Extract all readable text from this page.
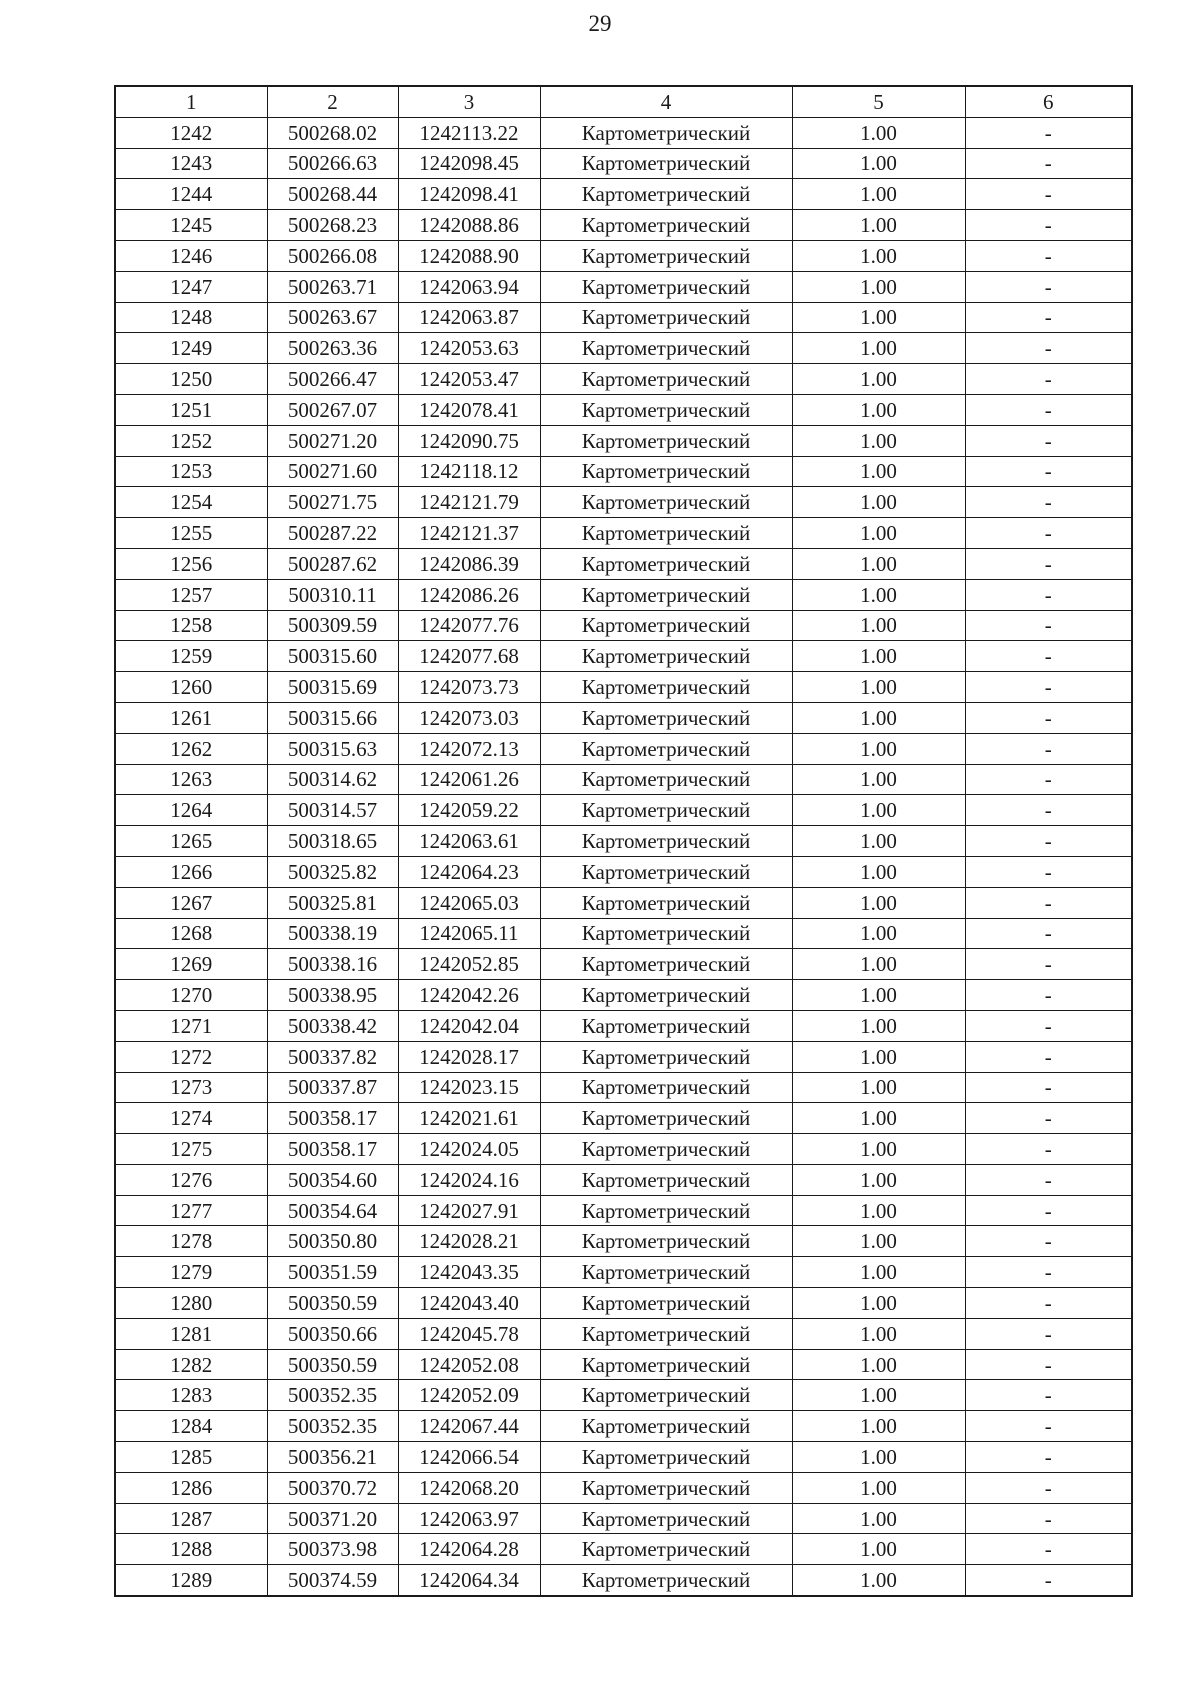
29
1	2	3	4	5	6
1242	500268.02	1242113.22	Картометрический	1.00	-
1243	500266.63	1242098.45	Картометрический	1.00	-
1244	500268.44	1242098.41	Картометрический	1.00	-
1245	500268.23	1242088.86	Картометрический	1.00	-
1246	500266.08	1242088.90	Картометрический	1.00	-
1247	500263.71	1242063.94	Картометрический	1.00	-
1248	500263.67	1242063.87	Картометрический	1.00	-
1249	500263.36	1242053.63	Картометрический	1.00	-
1250	500266.47	1242053.47	Картометрический	1.00	-
1251	500267.07	1242078.41	Картометрический	1.00	-
1252	500271.20	1242090.75	Картометрический	1.00	-
1253	500271.60	1242118.12	Картометрический	1.00	-
1254	500271.75	1242121.79	Картометрический	1.00	-
1255	500287.22	1242121.37	Картометрический	1.00	-
1256	500287.62	1242086.39	Картометрический	1.00	-
1257	500310.11	1242086.26	Картометрический	1.00	-
1258	500309.59	1242077.76	Картометрический	1.00	-
1259	500315.60	1242077.68	Картометрический	1.00	-
1260	500315.69	1242073.73	Картометрический	1.00	-
1261	500315.66	1242073.03	Картометрический	1.00	-
1262	500315.63	1242072.13	Картометрический	1.00	-
1263	500314.62	1242061.26	Картометрический	1.00	-
1264	500314.57	1242059.22	Картометрический	1.00	-
1265	500318.65	1242063.61	Картометрический	1.00	-
1266	500325.82	1242064.23	Картометрический	1.00	-
1267	500325.81	1242065.03	Картометрический	1.00	-
1268	500338.19	1242065.11	Картометрический	1.00	-
1269	500338.16	1242052.85	Картометрический	1.00	-
1270	500338.95	1242042.26	Картометрический	1.00	-
1271	500338.42	1242042.04	Картометрический	1.00	-
1272	500337.82	1242028.17	Картометрический	1.00	-
1273	500337.87	1242023.15	Картометрический	1.00	-
1274	500358.17	1242021.61	Картометрический	1.00	-
1275	500358.17	1242024.05	Картометрический	1.00	-
1276	500354.60	1242024.16	Картометрический	1.00	-
1277	500354.64	1242027.91	Картометрический	1.00	-
1278	500350.80	1242028.21	Картометрический	1.00	-
1279	500351.59	1242043.35	Картометрический	1.00	-
1280	500350.59	1242043.40	Картометрический	1.00	-
1281	500350.66	1242045.78	Картометрический	1.00	-
1282	500350.59	1242052.08	Картометрический	1.00	-
1283	500352.35	1242052.09	Картометрический	1.00	-
1284	500352.35	1242067.44	Картометрический	1.00	-
1285	500356.21	1242066.54	Картометрический	1.00	-
1286	500370.72	1242068.20	Картометрический	1.00	-
1287	500371.20	1242063.97	Картометрический	1.00	-
1288	500373.98	1242064.28	Картометрический	1.00	-
1289	500374.59	1242064.34	Картометрический	1.00	-
